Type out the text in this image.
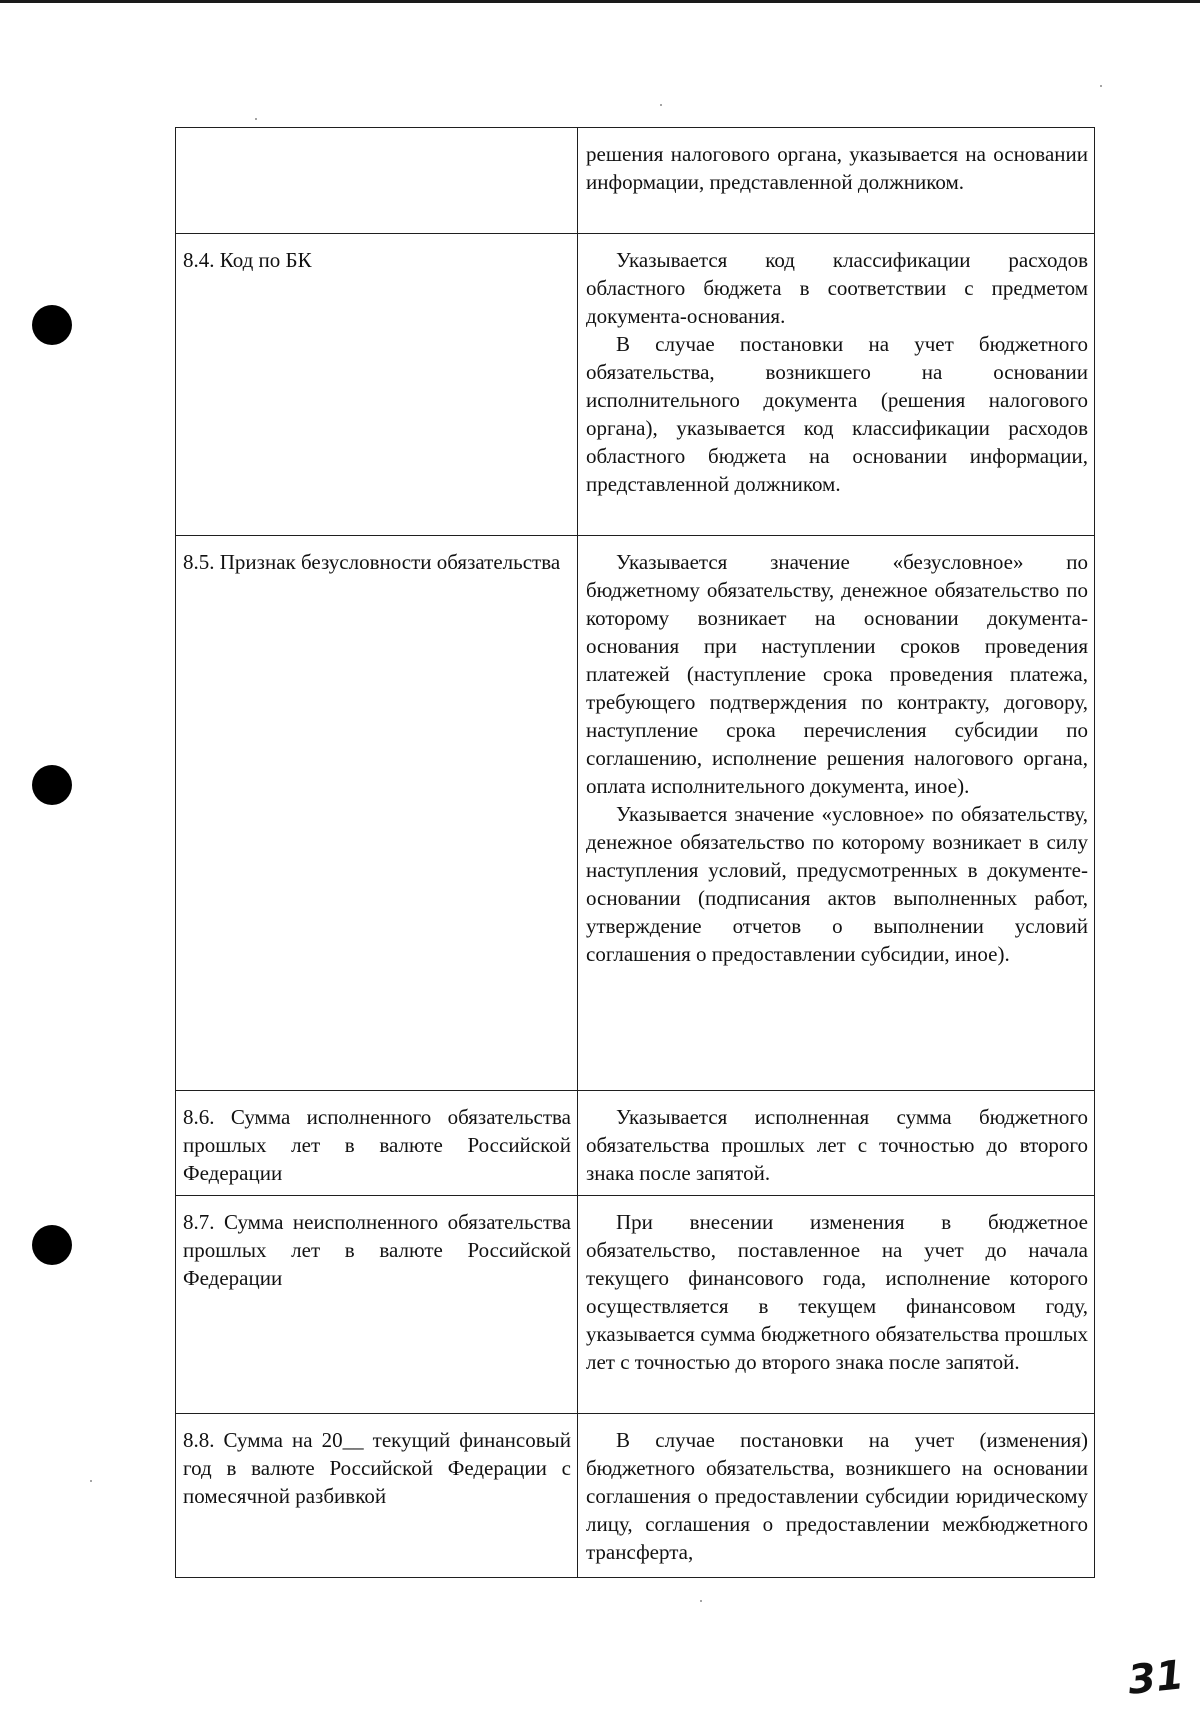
	решения налогового органа, указывается на основании информации, представленной должником.

8.4. Код по БК	Указывается код классификации расходов областного бюджета в соответствии с предметом документа-основания.

В случае постановки на учет бюджетного обязательства, возникшего на основании исполнительного документа (решения налогового органа), указывается код классификации расходов областного бюджета на основании информации, представленной должником.

8.5. Признак безусловности обязательства	Указывается значение «безусловное» по бюджетному обязательству, денежное обязательство по которому возникает на основании документа-основания при наступлении сроков проведения платежей (наступление срока проведения платежа, требующего подтверждения по контракту, договору, наступление срока перечисления субсидии по соглашению, исполнение решения налогового органа, оплата исполнительного документа, иное).

Указывается значение «условное» по обязательству, денежное обязательство по которому возникает в силу наступления условий, предусмотренных в документе-основании (подписания актов выполненных работ, утверждение отчетов о выполнении условий соглашения о предоставлении субсидии, иное).

8.6. Сумма исполненного обязательства прошлых лет в валюте Российской Федерации	Указывается исполненная сумма бюджетного обязательства прошлых лет с точностью до второго знака после запятой.

8.7. Сумма неисполненного обязательства прошлых лет в валюте Российской Федерации	При внесении изменения в бюджетное обязательство, поставленное на учет до начала текущего финансового года, исполнение которого осуществляется в текущем финансовом году, указывается сумма бюджетного обязательства прошлых лет с точностью до второго знака после запятой.

8.8. Сумма на 20__ текущий финансовый год в валюте Российской Федерации с помесячной разбивкой	В случае постановки на учет (изменения) бюджетного обязательства, возникшего на основании соглашения о предоставлении субсидии юридическому лицу, соглашения о предоставлении межбюджетного трансферта,

31
